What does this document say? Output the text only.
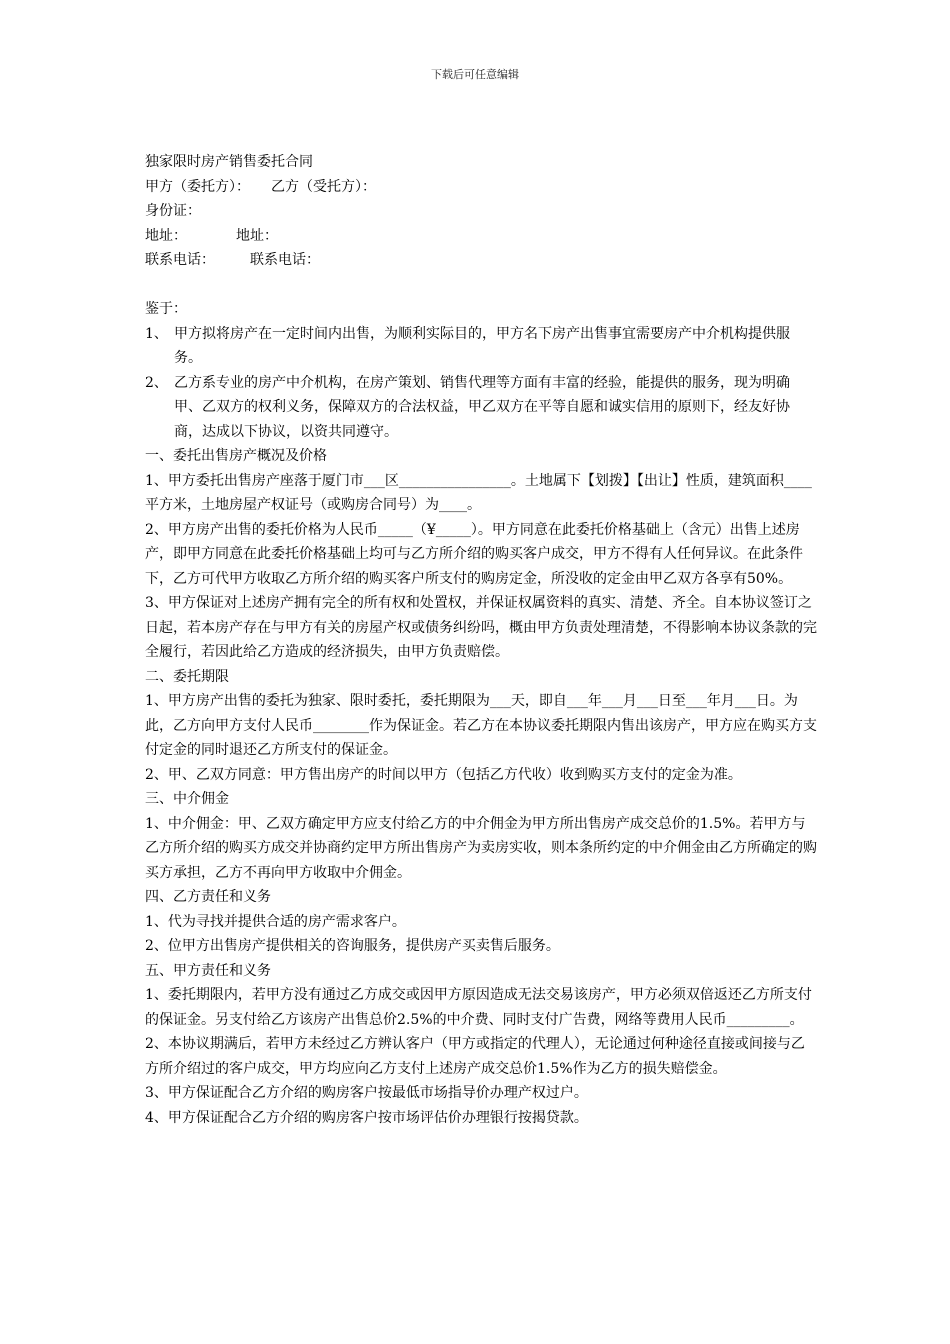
下载后可任意编辑

独家限时房产销售委托合同

甲方（委托方）：　　乙方（受托方）：

身份证：

地址：　　　　地址：

联系电话：　　　联系电话：

鉴于：

1、 甲方拟将房产在一定时间内出售，为顺利实际目的，甲方名下房产出售事宜需要房产中介机构提供服务。
2、 乙方系专业的房产中介机构，在房产策划、销售代理等方面有丰富的经验，能提供的服务，现为明确甲、乙双方的权利义务，保障双方的合法权益，甲乙双方在平等自愿和诚实信用的原则下，经友好协商，达成以下协议，以资共同遵守。

一、委托出售房产概况及价格

1、甲方委托出售房产座落于厦门市___区________________。土地属下【划拨】【出让】性质，建筑面积____平方米，土地房屋产权证号（或购房合同号）为____。

2、甲方房产出售的委托价格为人民币_____（¥_____）。甲方同意在此委托价格基础上（含元）出售上述房产，即甲方同意在此委托价格基础上均可与乙方所介绍的购买客户成交，甲方不得有人任何异议。在此条件下，乙方可代甲方收取乙方所介绍的购买客户所支付的购房定金，所没收的定金由甲乙双方各享有50%。

3、甲方保证对上述房产拥有完全的所有权和处置权，并保证权属资料的真实、清楚、齐全。自本协议签订之日起，若本房产存在与甲方有关的房屋产权或债务纠纷吗，概由甲方负责处理清楚，不得影响本协议条款的完全履行，若因此给乙方造成的经济损失，由甲方负责赔偿。

二、委托期限

1、甲方房产出售的委托为独家、限时委托，委托期限为___天，即自___年___月___日至___年月___日。为此，乙方向甲方支付人民币________作为保证金。若乙方在本协议委托期限内售出该房产，甲方应在购买方支付定金的同时退还乙方所支付的保证金。

2、甲、乙双方同意：甲方售出房产的时间以甲方（包括乙方代收）收到购买方支付的定金为准。

三、中介佣金

1、中介佣金：甲、乙双方确定甲方应支付给乙方的中介佣金为甲方所出售房产成交总价的1.5%。若甲方与乙方所介绍的购买方成交并协商约定甲方所出售房产为卖房实收，则本条所约定的中介佣金由乙方所确定的购买方承担，乙方不再向甲方收取中介佣金。

四、乙方责任和义务

1、代为寻找并提供合适的房产需求客户。

2、位甲方出售房产提供相关的咨询服务，提供房产买卖售后服务。

五、甲方责任和义务

1、委托期限内，若甲方没有通过乙方成交或因甲方原因造成无法交易该房产，甲方必须双倍返还乙方所支付的保证金。另支付给乙方该房产出售总价2.5%的中介费、同时支付广告费，网络等费用人民币_________。

2、本协议期满后，若甲方未经过乙方辨认客户（甲方或指定的代理人），无论通过何种途径直接或间接与乙方所介绍过的客户成交，甲方均应向乙方支付上述房产成交总价1.5%作为乙方的损失赔偿金。

3、甲方保证配合乙方介绍的购房客户按最低市场指导价办理产权过户。

4、甲方保证配合乙方介绍的购房客户按市场评估价办理银行按揭贷款。
